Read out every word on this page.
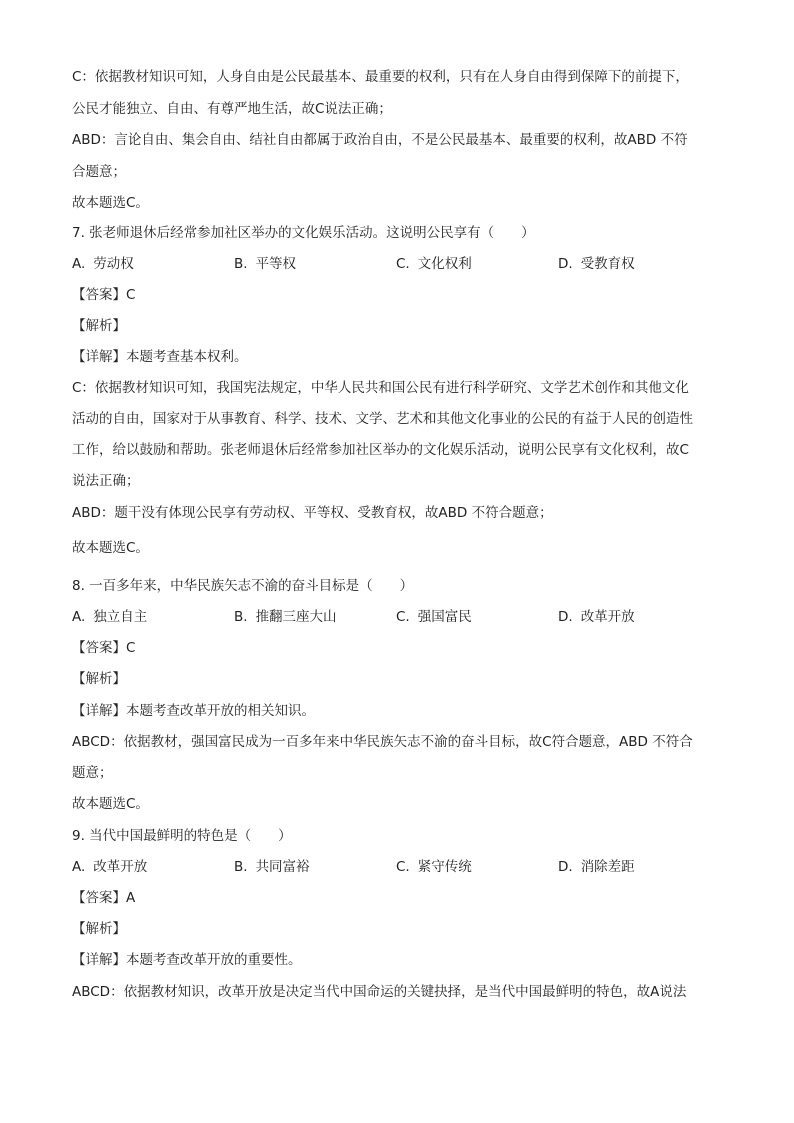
C：依据教材知识可知，人身自由是公民最基本、最重要的权利，只有在人身自由得到保障下的前提下，
公民才能独立、自由、有尊严地生活，故C说法正确；
ABD：言论自由、集会自由、结社自由都属于政治自由，不是公民最基本、最重要的权利，故ABD 不符
合题意；
故本题选C。
7. 张老师退休后经常参加社区举办的文化娱乐活动。这说明公民享有（　　）
A. 劳动权	B. 平等权	C. 文化权利	D. 受教育权
【答案】C
【解析】
【详解】本题考查基本权利。
C：依据教材知识可知，我国宪法规定，中华人民共和国公民有进行科学研究、文学艺术创作和其他文化
活动的自由，国家对于从事教育、科学、技术、文学、艺术和其他文化事业的公民的有益于人民的创造性
工作，给以鼓励和帮助。张老师退休后经常参加社区举办的文化娱乐活动，说明公民享有文化权利，故C
说法正确；
ABD：题干没有体现公民享有劳动权、平等权、受教育权，故ABD 不符合题意；
故本题选C。
8. 一百多年来，中华民族矢志不渝的奋斗目标是（　　）
A. 独立自主	B. 推翻三座大山	C. 强国富民	D. 改革开放
【答案】C
【解析】
【详解】本题考查改革开放的相关知识。
ABCD：依据教材，强国富民成为一百多年来中华民族矢志不渝的奋斗目标，故C符合题意，ABD 不符合
题意；
故本题选C。
9. 当代中国最鲜明的特色是（　　）
A. 改革开放	B. 共同富裕	C. 紧守传统	D. 消除差距
【答案】A
【解析】
【详解】本题考查改革开放的重要性。
ABCD：依据教材知识，改革开放是决定当代中国命运的关键抉择，是当代中国最鲜明的特色，故A说法
